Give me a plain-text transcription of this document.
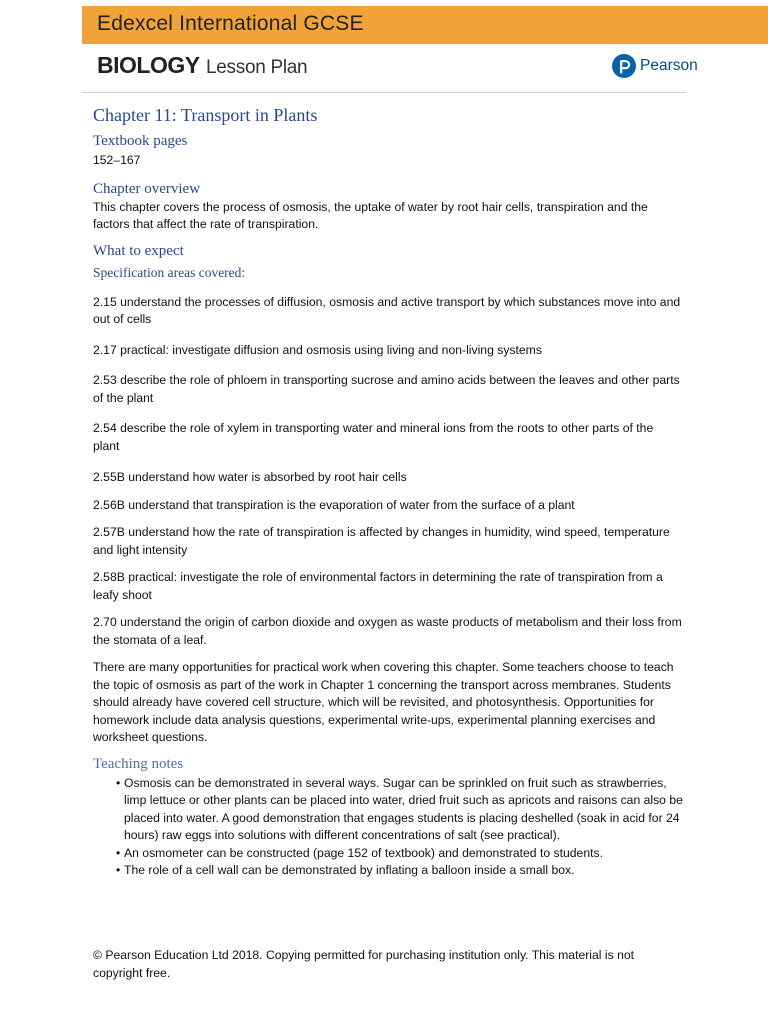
Edexcel International GCSE
BIOLOGY Lesson Plan	Pearson
Chapter 11: Transport in Plants
Textbook pages
152–167
Chapter overview
This chapter covers the process of osmosis, the uptake of water by root hair cells, transpiration and the factors that affect the rate of transpiration.
What to expect
Specification areas covered:
2.15 understand the processes of diffusion, osmosis and active transport by which substances move into and out of cells
2.17 practical: investigate diffusion and osmosis using living and non-living systems
2.53 describe the role of phloem in transporting sucrose and amino acids between the leaves and other parts of the plant
2.54 describe the role of xylem in transporting water and mineral ions from the roots to other parts of the plant
2.55B understand how water is absorbed by root hair cells
2.56B understand that transpiration is the evaporation of water from the surface of a plant
2.57B understand how the rate of transpiration is affected by changes in humidity, wind speed, temperature and light intensity
2.58B practical: investigate the role of environmental factors in determining the rate of transpiration from a leafy shoot
2.70 understand the origin of carbon dioxide and oxygen as waste products of metabolism and their loss from the stomata of a leaf.
There are many opportunities for practical work when covering this chapter. Some teachers choose to teach the topic of osmosis as part of the work in Chapter 1 concerning the transport across membranes. Students should already have covered cell structure, which will be revisited, and photosynthesis. Opportunities for homework include data analysis questions, experimental write-ups, experimental planning exercises and worksheet questions.
Teaching notes
• Osmosis can be demonstrated in several ways. Sugar can be sprinkled on fruit such as strawberries, limp lettuce or other plants can be placed into water, dried fruit such as apricots and raisons can also be placed into water. A good demonstration that engages students is placing deshelled (soak in acid for 24 hours) raw eggs into solutions with different concentrations of salt (see practical).
• An osmometer can be constructed (page 152 of textbook) and demonstrated to students.
• The role of a cell wall can be demonstrated by inflating a balloon inside a small box.
© Pearson Education Ltd 2018. Copying permitted for purchasing institution only. This material is not copyright free.
